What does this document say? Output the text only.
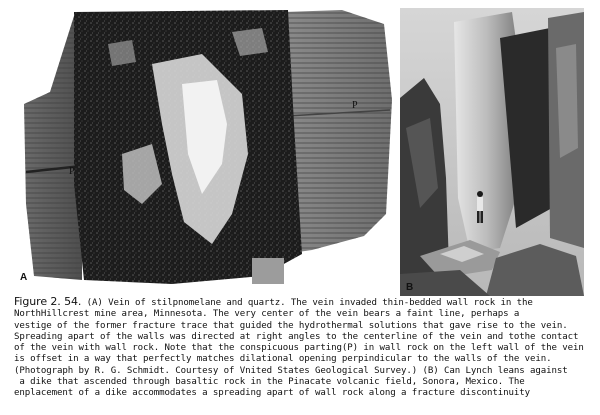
A
P
P
B
Figure 2. 54. (A) Vein of stilpnomelane and quartz. The vein invaded thin-bedded wall rock in the
NorthHillcrest mine area, Minnesota. The very center of the vein bears a faint line, perhaps a
vestige of the former fracture trace that guided the hydrothermal solutions that gave rise to the vein.
Spreading apart of the walls was directed at right angles to the centerline of the vein and tothe contact
of the vein with wall rock. Note that the conspicuous parting(P) in wall rock on the left wall of the vein
is offset in a way that perfectly matches dilational opening perpindicular to the walls of the vein.
(Photograph by R. G. Schmidt. Courtesy of Vnited States Geological Survey.) (B) Can Lynch leans against
a dike that ascended through basaltic rock in the Pinacate volcanic field, Sonora, Mexico. The
enplacement of a dike accommodates a spreading apart of wall rock along a fracture discontinuity
